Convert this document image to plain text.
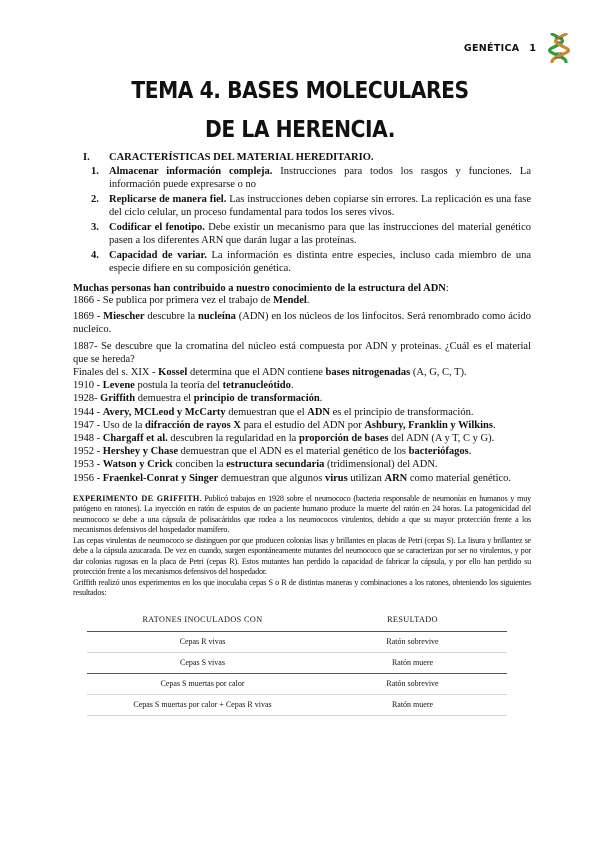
GENÉTICA 1
TEMA 4. BASES MOLECULARES
DE LA HERENCIA.
I.	CARACTERÍSTICAS DEL MATERIAL HEREDITARIO.
1. Almacenar información compleja. Instrucciones para todos los rasgos y funciones. La información puede expresarse o no
2. Replicarse de manera fiel. Las instrucciones deben copiarse sin errores. La replicación es una fase del ciclo celular, un proceso fundamental para todos los seres vivos.
3. Codificar el fenotipo. Debe existir un mecanismo para que las instrucciones del material genético pasen a los diferentes ARN que darán lugar a las proteínas.
4. Capacidad de variar. La información es distinta entre especies, incluso cada miembro de una especie difiere en su composición genética.
Muchas personas han contribuido a nuestro conocimiento de la estructura del ADN:

1866 - Se publica por primera vez el trabajo de Mendel.

1869 - Miescher descubre la nucleína (ADN) en los núcleos de los linfocitos. Será renombrado como ácido nucleico.

1887- Se descubre que la cromatina del núcleo está compuesta por ADN y proteínas. ¿Cuál es el material que se hereda?

Finales del s. XIX - Kossel determina que el ADN contiene bases nitrogenadas (A, G, C, T).

1910 - Levene postula la teoría del tetranucleótido.

1928- Griffith demuestra el principio de transformación.

1944 - Avery, MCLeod y McCarty demuestran que el ADN es el principio de transformación.

1947 - Uso de la difracción de rayos X para el estudio del ADN por Ashbury, Franklin y Wilkins.

1948 - Chargaff et al. descubren la regularidad en la proporción de bases del ADN (A y T, C y G).

1952 - Hershey y Chase demuestran que el ADN es el material genético de los bacteriófagos.

1953 - Watson y Crick conciben la estructura secundaria (tridimensional) del ADN.

1956 - Fraenkel-Conrat y Singer demuestran que algunos virus utilizan ARN como material genético.

EXPERIMENTO DE GRIFFITH. Publicó trabajos en 1928 sobre el neumococo (bacteria responsable de neumonías en humanos y muy patógeno en ratones). La inyección en ratón de esputos de un paciente humano produce la muerte del ratón en 24 horas. La patogenicidad del neumococo se debe a una cápsula de polisacáridos que rodea a los neumococos virulentos, debido a que su mayor protección frente a los mecanismos defensivos del hospedador mamífero.

Las cepas virulentas de neumococo se distinguen por que producen colonias lisas y brillantes en placas de Petri (cepas S). La lisura y brillantez se debe a la cápsula azucarada. De vez en cuando, surgen espontáneamente mutantes del neumococo que se caracterizan por ser no virulentos, y por dar colonias rugosas en la placa de Petri (cepas R). Estos mutantes han perdido la capacidad de fabricar la cápsula, y por ello han perdido su protección frente a los mecanismos defensivos del hospedador.

Griffith realizó unos experimentos en los que inoculaba cepas S o R de distintas maneras y combinaciones a los ratones, obteniendo los siguientes resultados:

RATONES INOCULADOS CON	RESULTADO
Cepas R vivas	Ratón sobrevive
Cepas S vivas	Ratón muere
Cepas S muertas por calor	Ratón sobrevive
Cepas S muertas por calor + Cepas R vivas	Ratón muere
